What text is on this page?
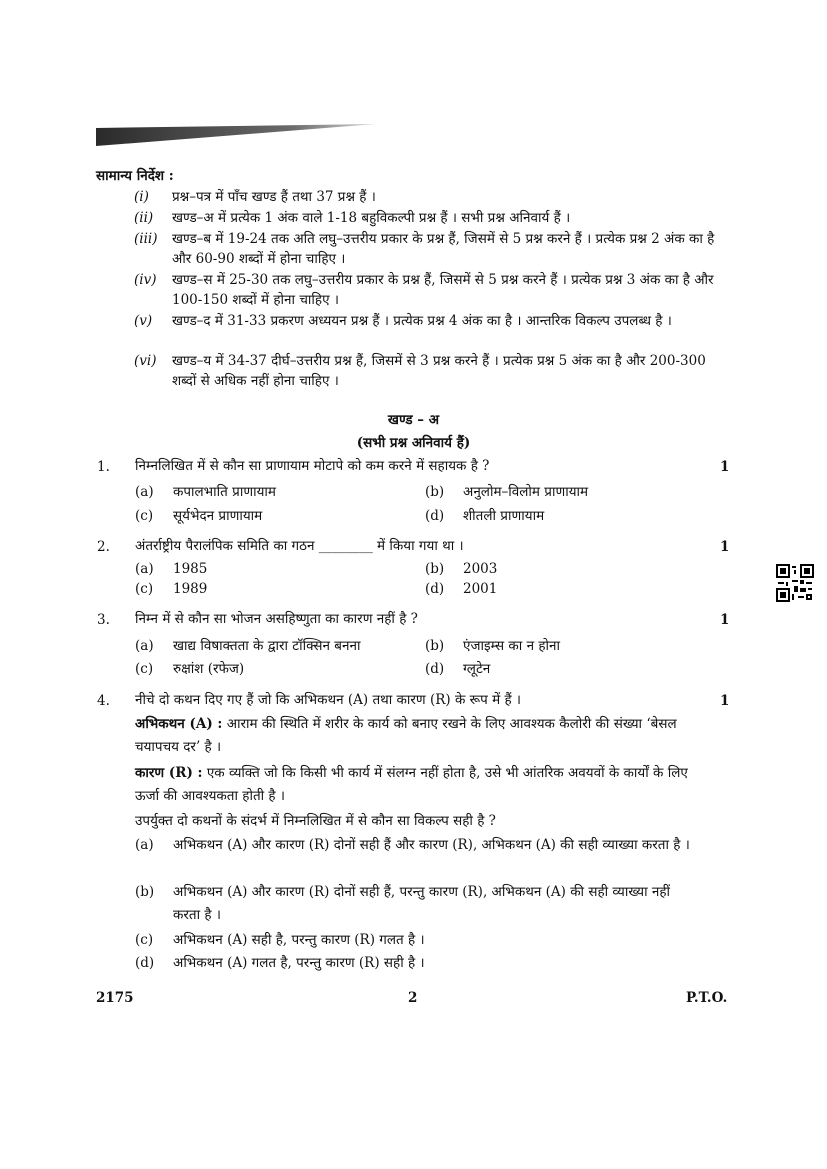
सामान्य निर्देश :
(i) प्रश्न–पत्र में पाँच खण्ड हैं तथा 37 प्रश्न हैं ।
(ii) खण्ड–अ में प्रत्येक 1 अंक वाले 1-18 बहुविकल्पी प्रश्न हैं । सभी प्रश्न अनिवार्य हैं ।
(iii) खण्ड–ब में 19-24 तक अति लघु–उत्तरीय प्रकार के प्रश्न हैं, जिसमें से 5 प्रश्न करने हैं । प्रत्येक प्रश्न 2 अंक का है और 60-90 शब्दों में होना चाहिए ।
(iv) खण्ड–स में 25-30 तक लघु–उत्तरीय प्रकार के प्रश्न हैं, जिसमें से 5 प्रश्न करने हैं । प्रत्येक प्रश्न 3 अंक का है और 100-150 शब्दों में होना चाहिए ।
(v) खण्ड–द में 31-33 प्रकरण अध्ययन प्रश्न हैं । प्रत्येक प्रश्न 4 अंक का है । आन्तरिक विकल्प उपलब्ध है ।
(vi) खण्ड–य में 34-37 दीर्घ–उत्तरीय प्रश्न हैं, जिसमें से 3 प्रश्न करने हैं । प्रत्येक प्रश्न 5 अंक का है और 200-300 शब्दों से अधिक नहीं होना चाहिए ।
खण्ड – अ
(सभी प्रश्न अनिवार्य हैं)
1. निम्नलिखित में से कौन सा प्राणायाम मोटापे को कम करने में सहायक है ?	1
(a) कपालभाति प्राणायाम	(b) अनुलोम–विलोम प्राणायाम
(c) सूर्यभेदन प्राणायाम	(d) शीतली प्राणायाम
2. अंतर्राष्ट्रीय पैरालंपिक समिति का गठन ________ में किया गया था ।	1
(a) 1985	(b) 2003
(c) 1989	(d) 2001
3. निम्न में से कौन सा भोजन असहिष्णुता का कारण नहीं है ?	1
(a) खाद्य विषाक्तता के द्वारा टॉक्सिन बनना	(b) एंजाइम्स का न होना
(c) रुक्षांश (रफेज)	(d) ग्लूटेन
4. नीचे दो कथन दिए गए हैं जो कि अभिकथन (A) तथा कारण (R) के रूप में हैं ।	1
अभिकथन (A) : आराम की स्थिति में शरीर के कार्य को बनाए रखने के लिए आवश्यक कैलोरी की संख्या ‘बेसल चयापचय दर’ है ।
कारण (R) : एक व्यक्ति जो कि किसी भी कार्य में संलग्न नहीं होता है, उसे भी आंतरिक अवयवों के कार्यों के लिए ऊर्जा की आवश्यकता होती है ।
उपर्युक्त दो कथनों के संदर्भ में निम्नलिखित में से कौन सा विकल्प सही है ?
(a) अभिकथन (A) और कारण (R) दोनों सही हैं और कारण (R), अभिकथन (A) की सही व्याख्या करता है ।
(b) अभिकथन (A) और कारण (R) दोनों सही हैं, परन्तु कारण (R), अभिकथन (A) की सही व्याख्या नहीं करता है ।
(c) अभिकथन (A) सही है, परन्तु कारण (R) गलत है ।
(d) अभिकथन (A) गलत है, परन्तु कारण (R) सही है ।
2175	2	P.T.O.
